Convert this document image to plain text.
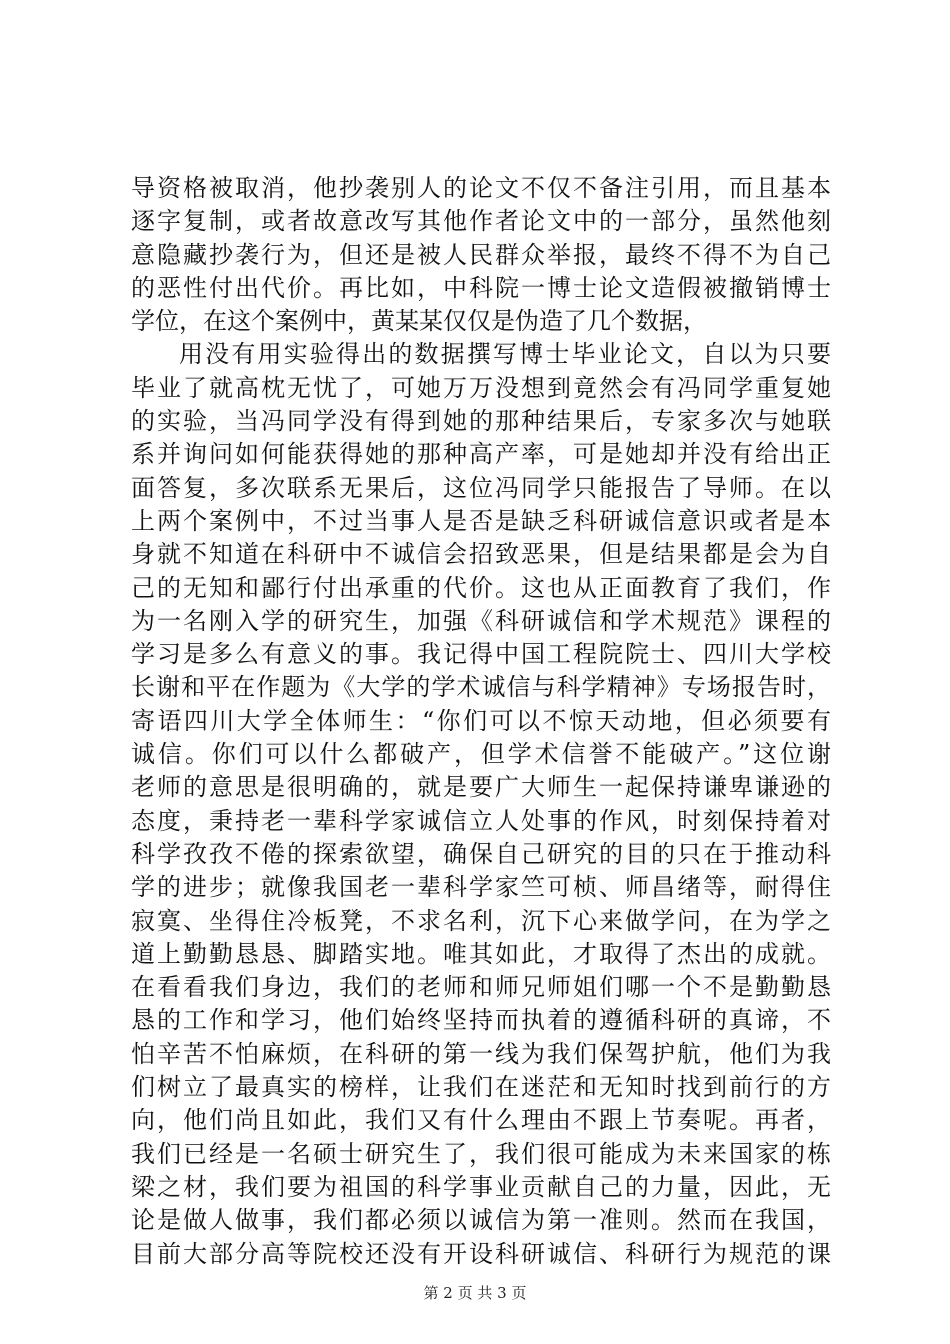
导资格被取消，他抄袭别人的论文不仅不备注引用，而且基本
逐字复制，或者故意改写其他作者论文中的一部分，虽然他刻
意隐藏抄袭行为，但还是被人民群众举报，最终不得不为自己
的恶性付出代价。再比如，中科院一博士论文造假被撤销博士
学位，在这个案例中，黄某某仅仅是伪造了几个数据，
用没有用实验得出的数据撰写博士毕业论文，自以为只要
毕业了就高枕无忧了，可她万万没想到竟然会有冯同学重复她
的实验，当冯同学没有得到她的那种结果后，专家多次与她联
系并询问如何能获得她的那种高产率，可是她却并没有给出正
面答复，多次联系无果后，这位冯同学只能报告了导师。在以
上两个案例中，不过当事人是否是缺乏科研诚信意识或者是本
身就不知道在科研中不诚信会招致恶果，但是结果都是会为自
己的无知和鄙行付出承重的代价。这也从正面教育了我们，作
为一名刚入学的研究生，加强《科研诚信和学术规范》课程的
学习是多么有意义的事。我记得中国工程院院士、四川大学校
长谢和平在作题为《大学的学术诚信与科学精神》专场报告时，
寄语四川大学全体师生：“你们可以不惊天动地，但必须要有
诚信。你们可以什么都破产，但学术信誉不能破产。”这位谢
老师的意思是很明确的，就是要广大师生一起保持谦卑谦逊的
态度，秉持老一辈科学家诚信立人处事的作风，时刻保持着对
科学孜孜不倦的探索欲望，确保自己研究的目的只在于推动科
学的进步；就像我国老一辈科学家竺可桢、师昌绪等，耐得住
寂寞、坐得住冷板凳，不求名利，沉下心来做学问，在为学之
道上勤勤恳恳、脚踏实地。唯其如此，才取得了杰出的成就。
在看看我们身边，我们的老师和师兄师姐们哪一个不是勤勤恳
恳的工作和学习，他们始终坚持而执着的遵循科研的真谛，不
怕辛苦不怕麻烦，在科研的第一线为我们保驾护航，他们为我
们树立了最真实的榜样，让我们在迷茫和无知时找到前行的方
向，他们尚且如此，我们又有什么理由不跟上节奏呢。再者，
我们已经是一名硕士研究生了，我们很可能成为未来国家的栋
梁之材，我们要为祖国的科学事业贡献自己的力量，因此，无
论是做人做事，我们都必须以诚信为第一准则。然而在我国，
目前大部分高等院校还没有开设科研诚信、科研行为规范的课
第 2 页 共 3 页
